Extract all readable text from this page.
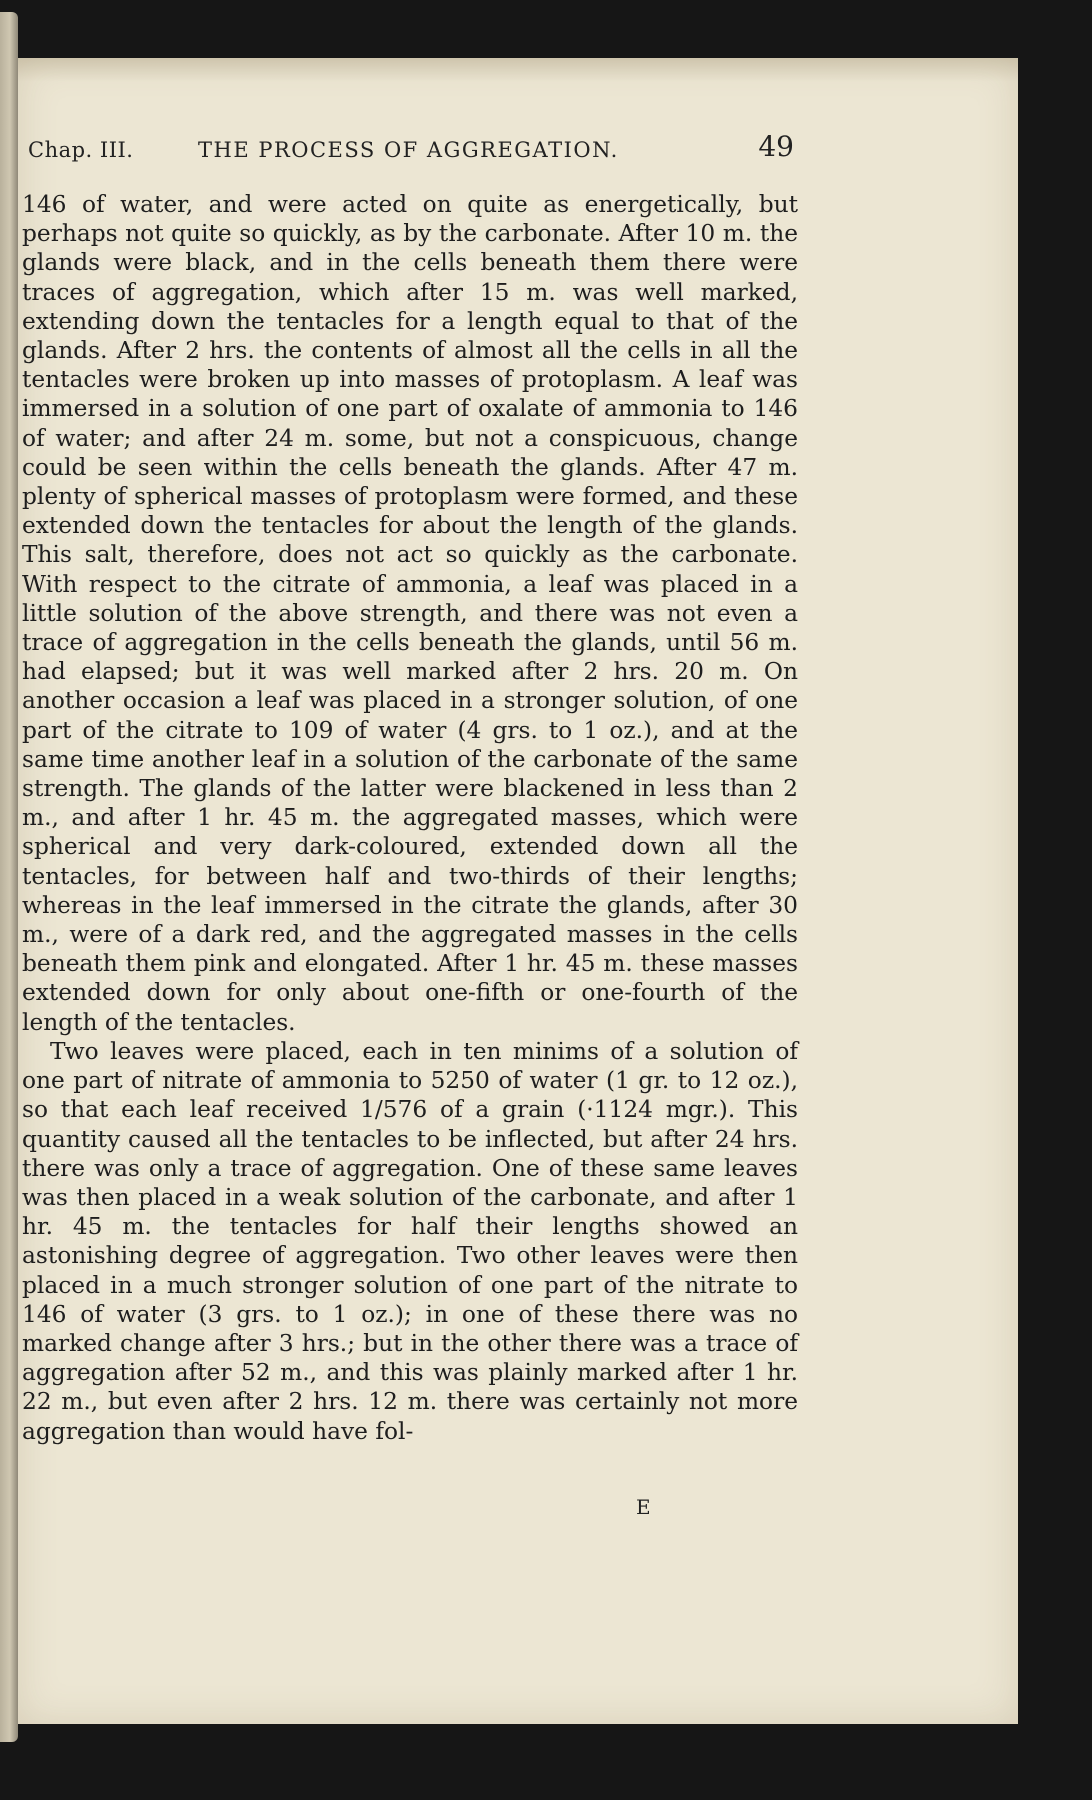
Chap. III.	THE PROCESS OF AGGREGATION.	49

146 of water, and were acted on quite as energetically, but perhaps not quite so quickly, as by the carbonate. After 10 m. the glands were black, and in the cells beneath them there were traces of aggregation, which after 15 m. was well marked, extending down the tentacles for a length equal to that of the glands. After 2 hrs. the contents of almost all the cells in all the tentacles were broken up into masses of protoplasm. A leaf was immersed in a solution of one part of oxalate of ammonia to 146 of water; and after 24 m. some, but not a conspicuous, change could be seen within the cells beneath the glands. After 47 m. plenty of spherical masses of protoplasm were formed, and these extended down the tentacles for about the length of the glands. This salt, therefore, does not act so quickly as the carbonate. With respect to the citrate of ammonia, a leaf was placed in a little solution of the above strength, and there was not even a trace of aggregation in the cells beneath the glands, until 56 m. had elapsed; but it was well marked after 2 hrs. 20 m. On another occasion a leaf was placed in a stronger solution, of one part of the citrate to 109 of water (4 grs. to 1 oz.), and at the same time another leaf in a solution of the carbonate of the same strength. The glands of the latter were blackened in less than 2 m., and after 1 hr. 45 m. the aggregated masses, which were spherical and very dark-coloured, extended down all the tentacles, for between half and two-thirds of their lengths; whereas in the leaf immersed in the citrate the glands, after 30 m., were of a dark red, and the aggregated masses in the cells beneath them pink and elongated. After 1 hr. 45 m. these masses extended down for only about one-fifth or one-fourth of the length of the tentacles.

Two leaves were placed, each in ten minims of a solution of one part of nitrate of ammonia to 5250 of water (1 gr. to 12 oz.), so that each leaf received 1/576 of a grain (·1124 mgr.). This quantity caused all the tentacles to be inflected, but after 24 hrs. there was only a trace of aggregation. One of these same leaves was then placed in a weak solution of the carbonate, and after 1 hr. 45 m. the tentacles for half their lengths showed an astonishing degree of aggregation. Two other leaves were then placed in a much stronger solution of one part of the nitrate to 146 of water (3 grs. to 1 oz.); in one of these there was no marked change after 3 hrs.; but in the other there was a trace of aggregation after 52 m., and this was plainly marked after 1 hr. 22 m., but even after 2 hrs. 12 m. there was certainly not more aggregation than would have fol-

E
